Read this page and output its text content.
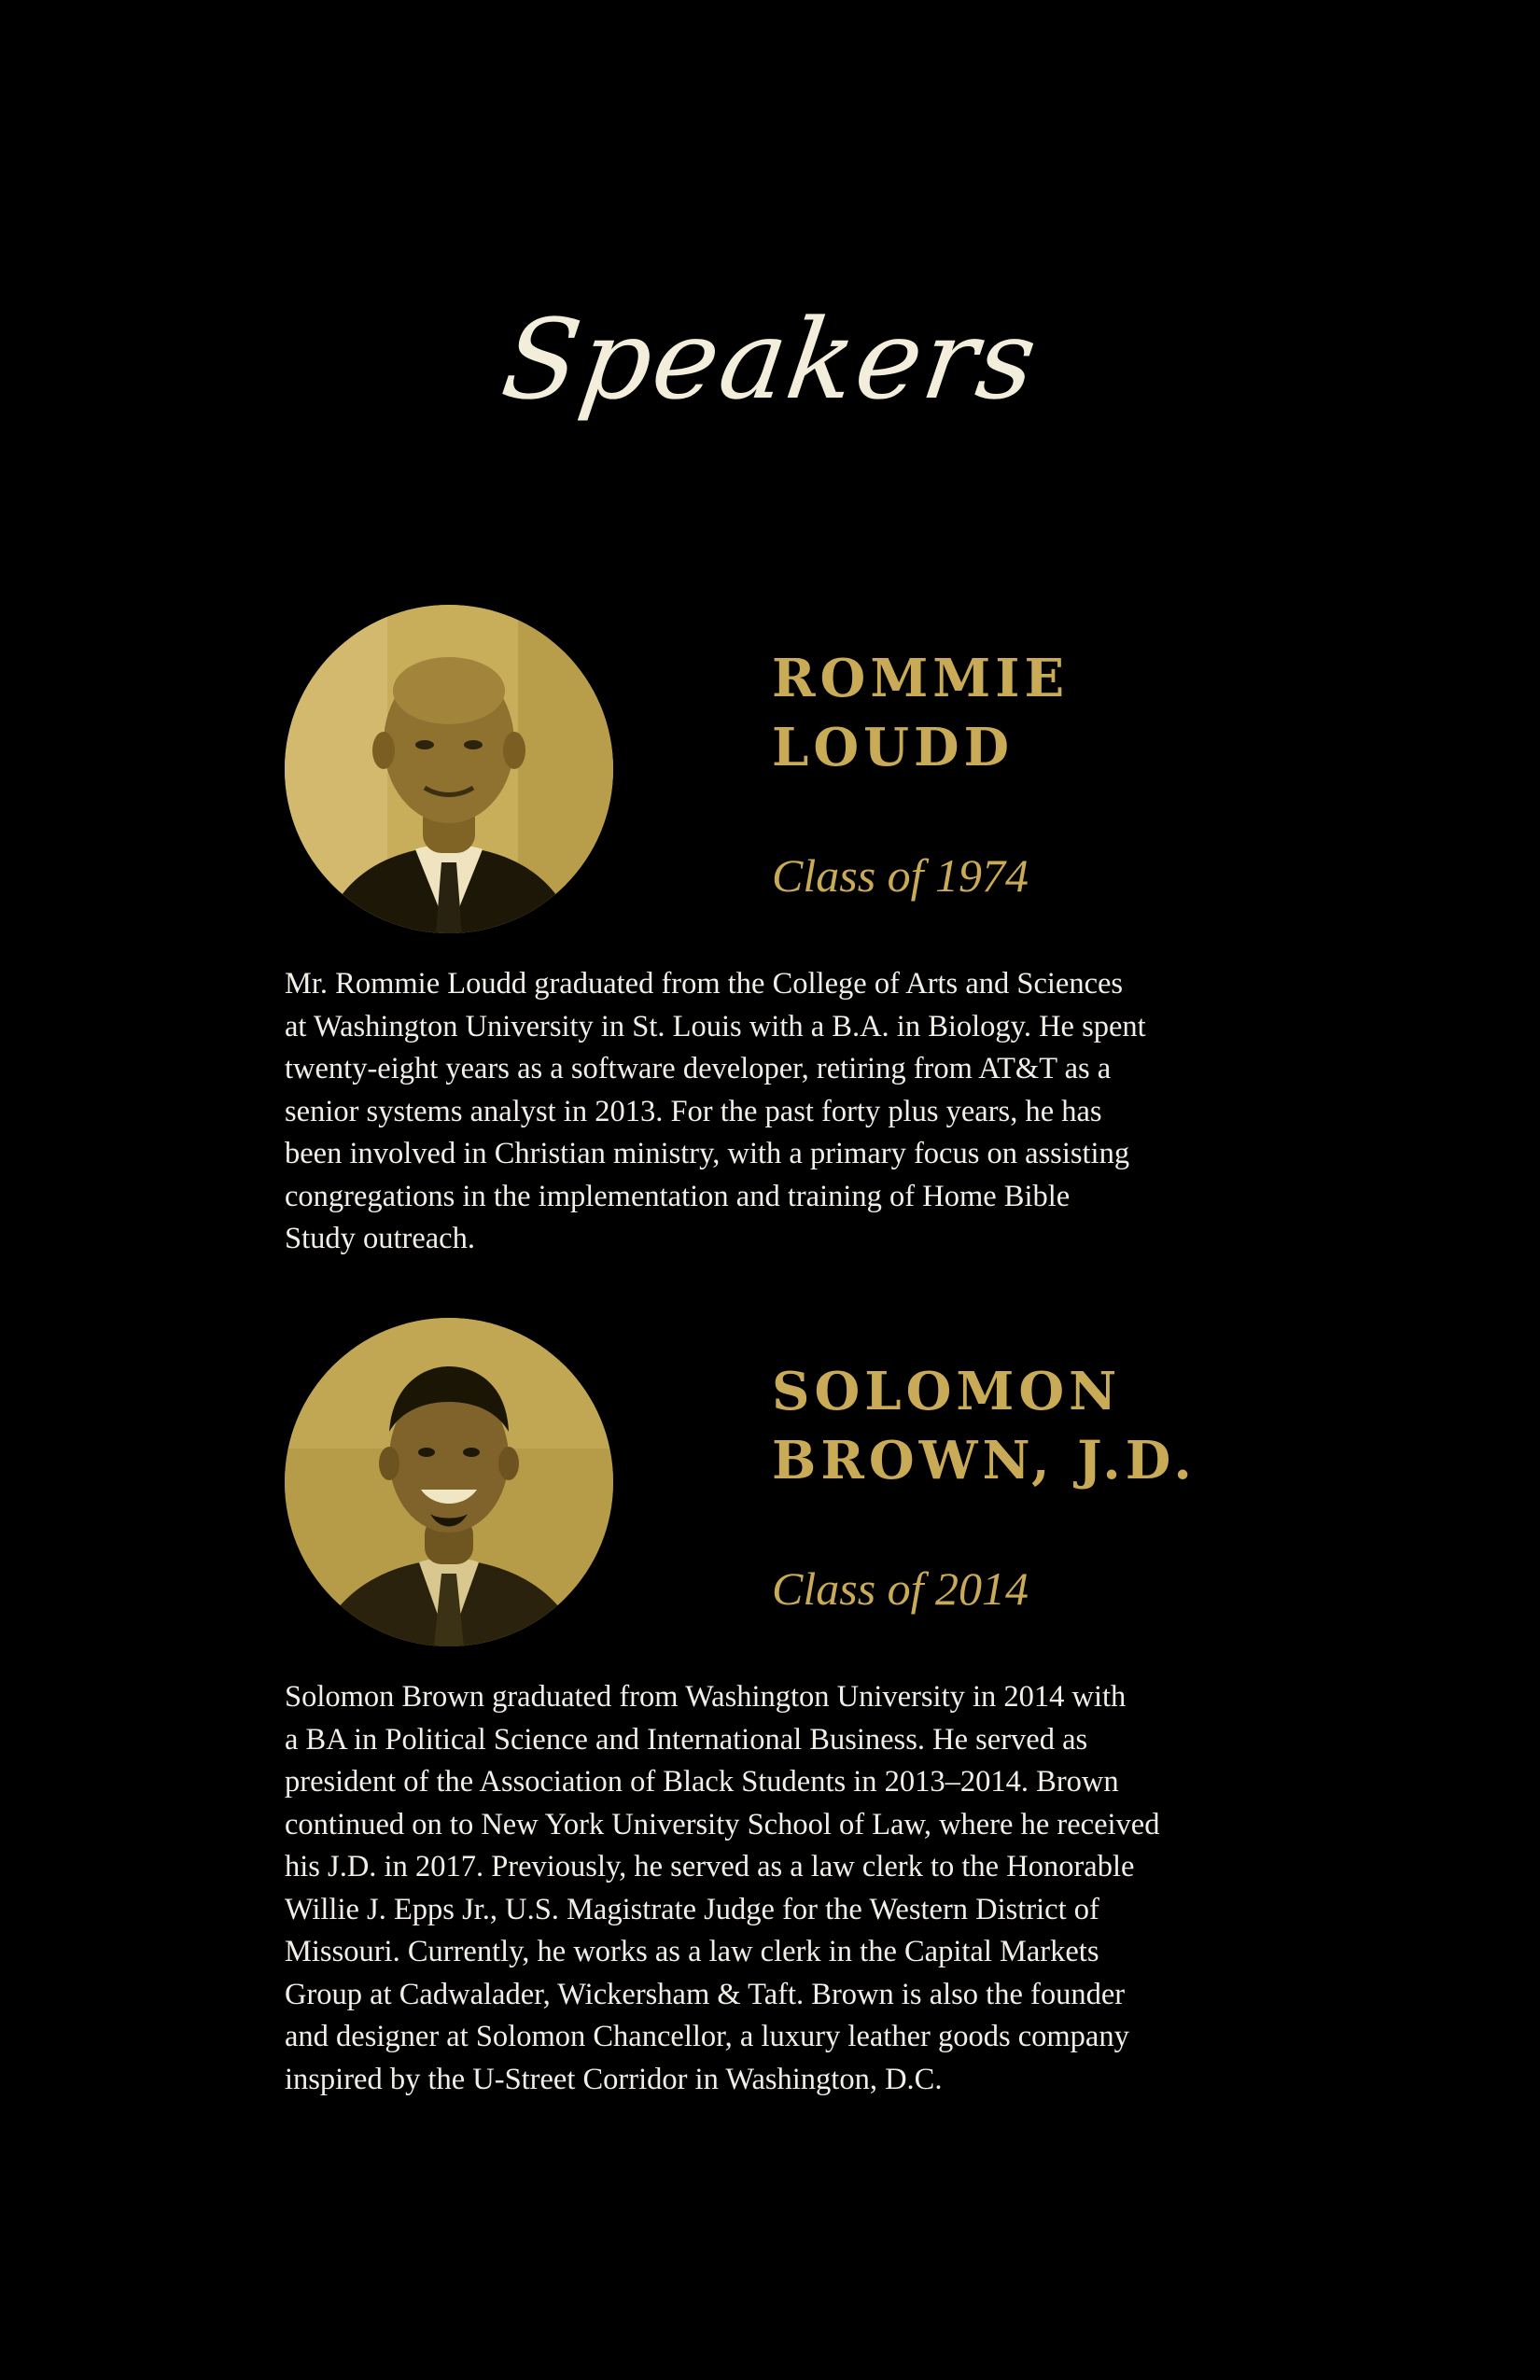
Speakers
ROMMIE
LOUDD

Class of 1974

Mr. Rommie Loudd graduated from the College of Arts and Sciences
at Washington University in St. Louis with a B.A. in Biology. He spent
twenty-eight years as a software developer, retiring from AT&T as a
senior systems analyst in 2013. For the past forty plus years, he has
been involved in Christian ministry, with a primary focus on assisting
congregations in the implementation and training of Home Bible
Study outreach.

SOLOMON
BROWN, J.D.

Class of 2014

Solomon Brown graduated from Washington University in 2014 with
a BA in Political Science and International Business. He served as
president of the Association of Black Students in 2013–2014. Brown
continued on to New York University School of Law, where he received
his J.D. in 2017. Previously, he served as a law clerk to the Honorable
Willie J. Epps Jr., U.S. Magistrate Judge for the Western District of
Missouri. Currently, he works as a law clerk in the Capital Markets
Group at Cadwalader, Wickersham & Taft. Brown is also the founder
and designer at Solomon Chancellor, a luxury leather goods company
inspired by the U-Street Corridor in Washington, D.C.
